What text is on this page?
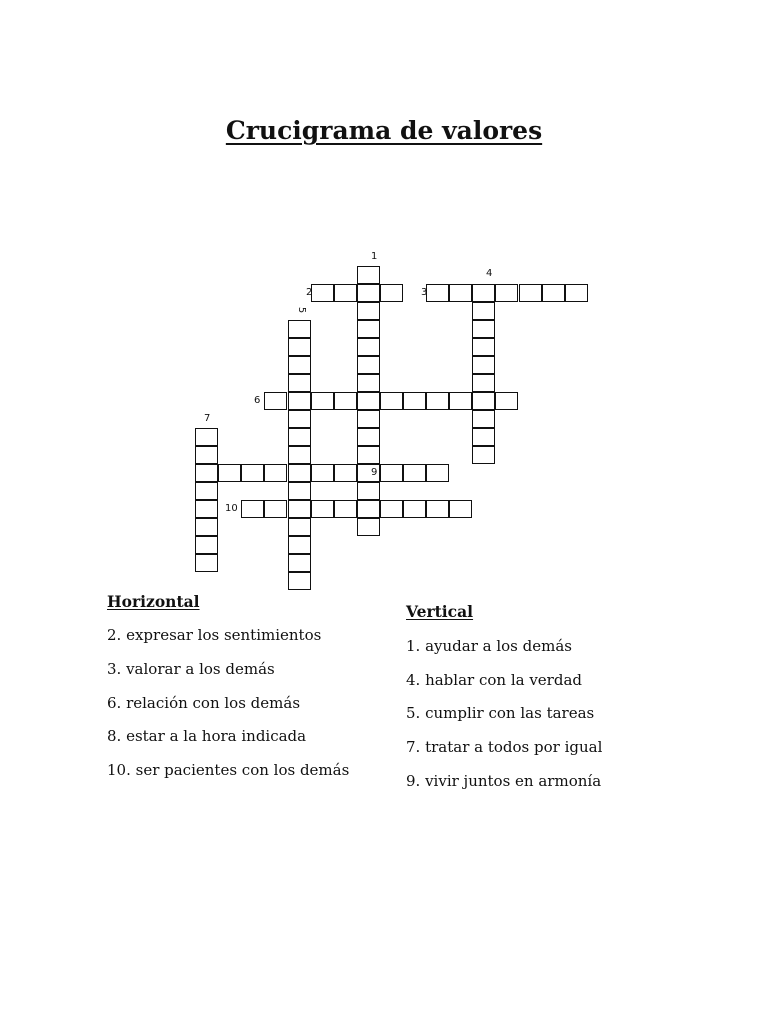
Crucigrama de valores
1
2	3
4
5
6
7
9
10
Horizontal
2. expresar los sentimientos
3. valorar a los demás
6. relación con los demás
8. estar a la hora indicada
10. ser pacientes con los demás
Vertical
1. ayudar a los demás
4. hablar con la verdad
5. cumplir con las tareas
7. tratar a todos por igual
9. vivir juntos en armonía
